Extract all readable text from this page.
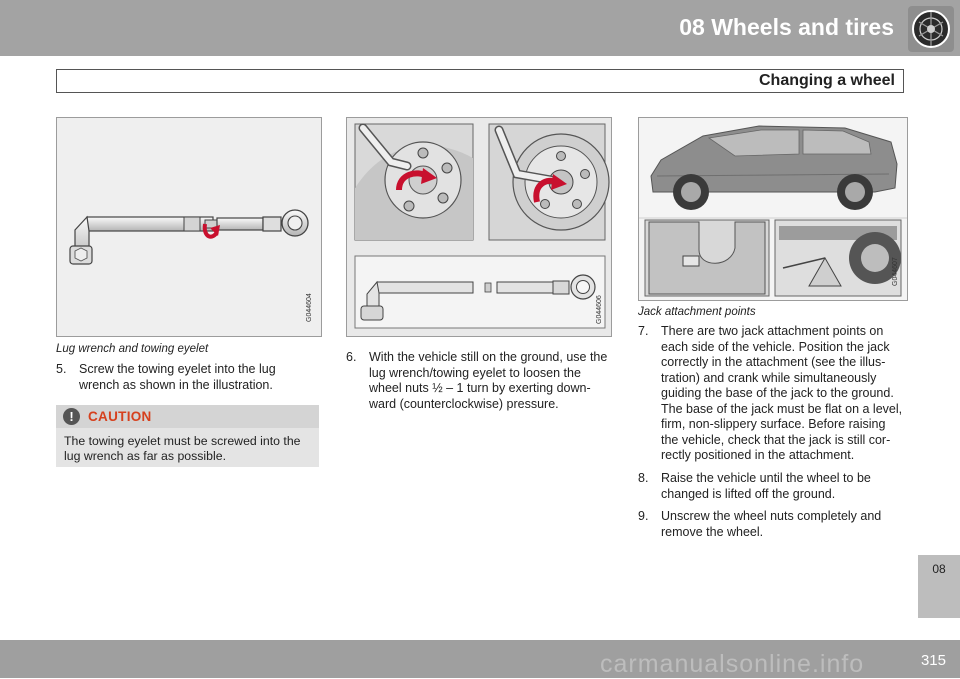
08 Wheels and tires
Changing a wheel
G044604
Lug wrench and towing eyelet
5. Screw the towing eyelet into the lug
wrench as shown in the illustration.
!	CAUTION
The towing eyelet must be screwed into the
lug wrench as far as possible.
G044606
6. With the vehicle still on the ground, use the
lug wrench/towing eyelet to loosen the
wheel nuts ½ – 1 turn by exerting down-
ward (counterclockwise) pressure.
G044607
Jack attachment points
7. There are two jack attachment points on
each side of the vehicle. Position the jack
correctly in the attachment (see the illus-
tration) and crank while simultaneously
guiding the base of the jack to the ground.
The base of the jack must be flat on a level,
firm, non-slippery surface. Before raising
the vehicle, check that the jack is still cor-
rectly positioned in the attachment.
8. Raise the vehicle until the wheel to be
changed is lifted off the ground.
9. Unscrew the wheel nuts completely and
remove the wheel.
08
315
carmanualsonline.info
